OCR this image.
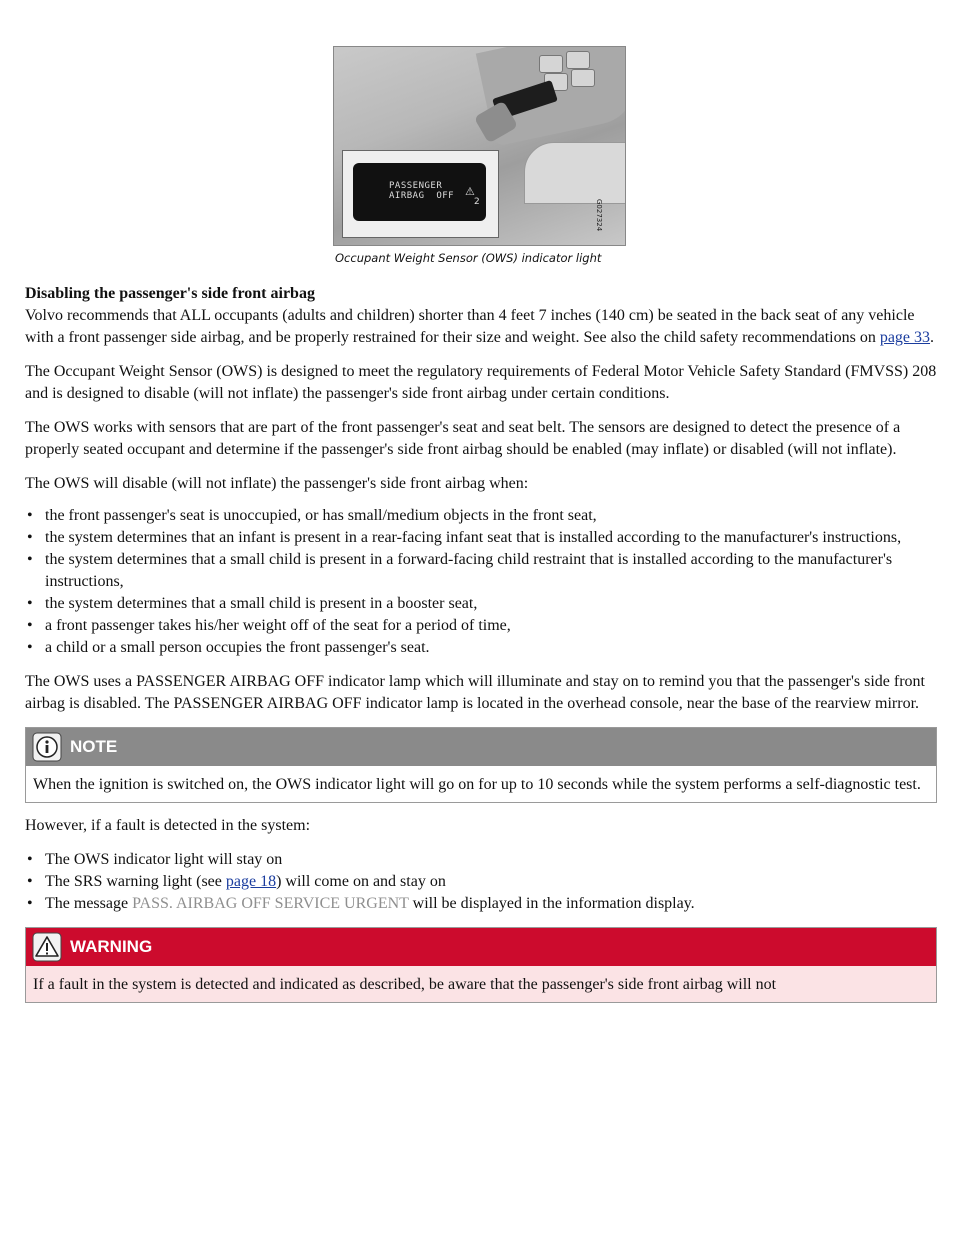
PASSENGER
AIRBAG  OFF ⚠
2	G027324
Occupant Weight Sensor (OWS) indicator light
Disabling the passenger's side front airbag

Volvo recommends that ALL occupants (adults and children) shorter than 4 feet 7 inches (140 cm) be seated in the back seat of any vehicle with a front passenger side airbag, and be properly restrained for their size and weight. See also the child safety recommendations on page 33.

The Occupant Weight Sensor (OWS) is designed to meet the regulatory requirements of Federal Motor Vehicle Safety Standard (FMVSS) 208 and is designed to disable (will not inflate) the passenger's side front airbag under certain conditions.

The OWS works with sensors that are part of the front passenger's seat and seat belt. The sensors are designed to detect the presence of a properly seated occupant and determine if the passenger's side front airbag should be enabled (may inflate) or disabled (will not inflate).

The OWS will disable (will not inflate) the passenger's side front airbag when:

• the front passenger's seat is unoccupied, or has small/medium objects in the front seat,
• the system determines that an infant is present in a rear-facing infant seat that is installed according to the manufacturer's instructions,
• the system determines that a small child is present in a forward-facing child restraint that is installed according to the manufacturer's instructions,
• the system determines that a small child is present in a booster seat,
• a front passenger takes his/her weight off of the seat for a period of time,
• a child or a small person occupies the front passenger's seat.

The OWS uses a PASSENGER AIRBAG OFF indicator lamp which will illuminate and stay on to remind you that the passenger's side front airbag is disabled. The PASSENGER AIRBAG OFF indicator lamp is located in the overhead console, near the base of the rearview mirror.

NOTE
When the ignition is switched on, the OWS indicator light will go on for up to 10 seconds while the system performs a self-diagnostic test.

However, if a fault is detected in the system:

• The OWS indicator light will stay on
• The SRS warning light (see page 18) will come on and stay on
• The message PASS. AIRBAG OFF SERVICE URGENT will be displayed in the information display.
WARNING
If a fault in the system is detected and indicated as described, be aware that the passenger's side front airbag will not
